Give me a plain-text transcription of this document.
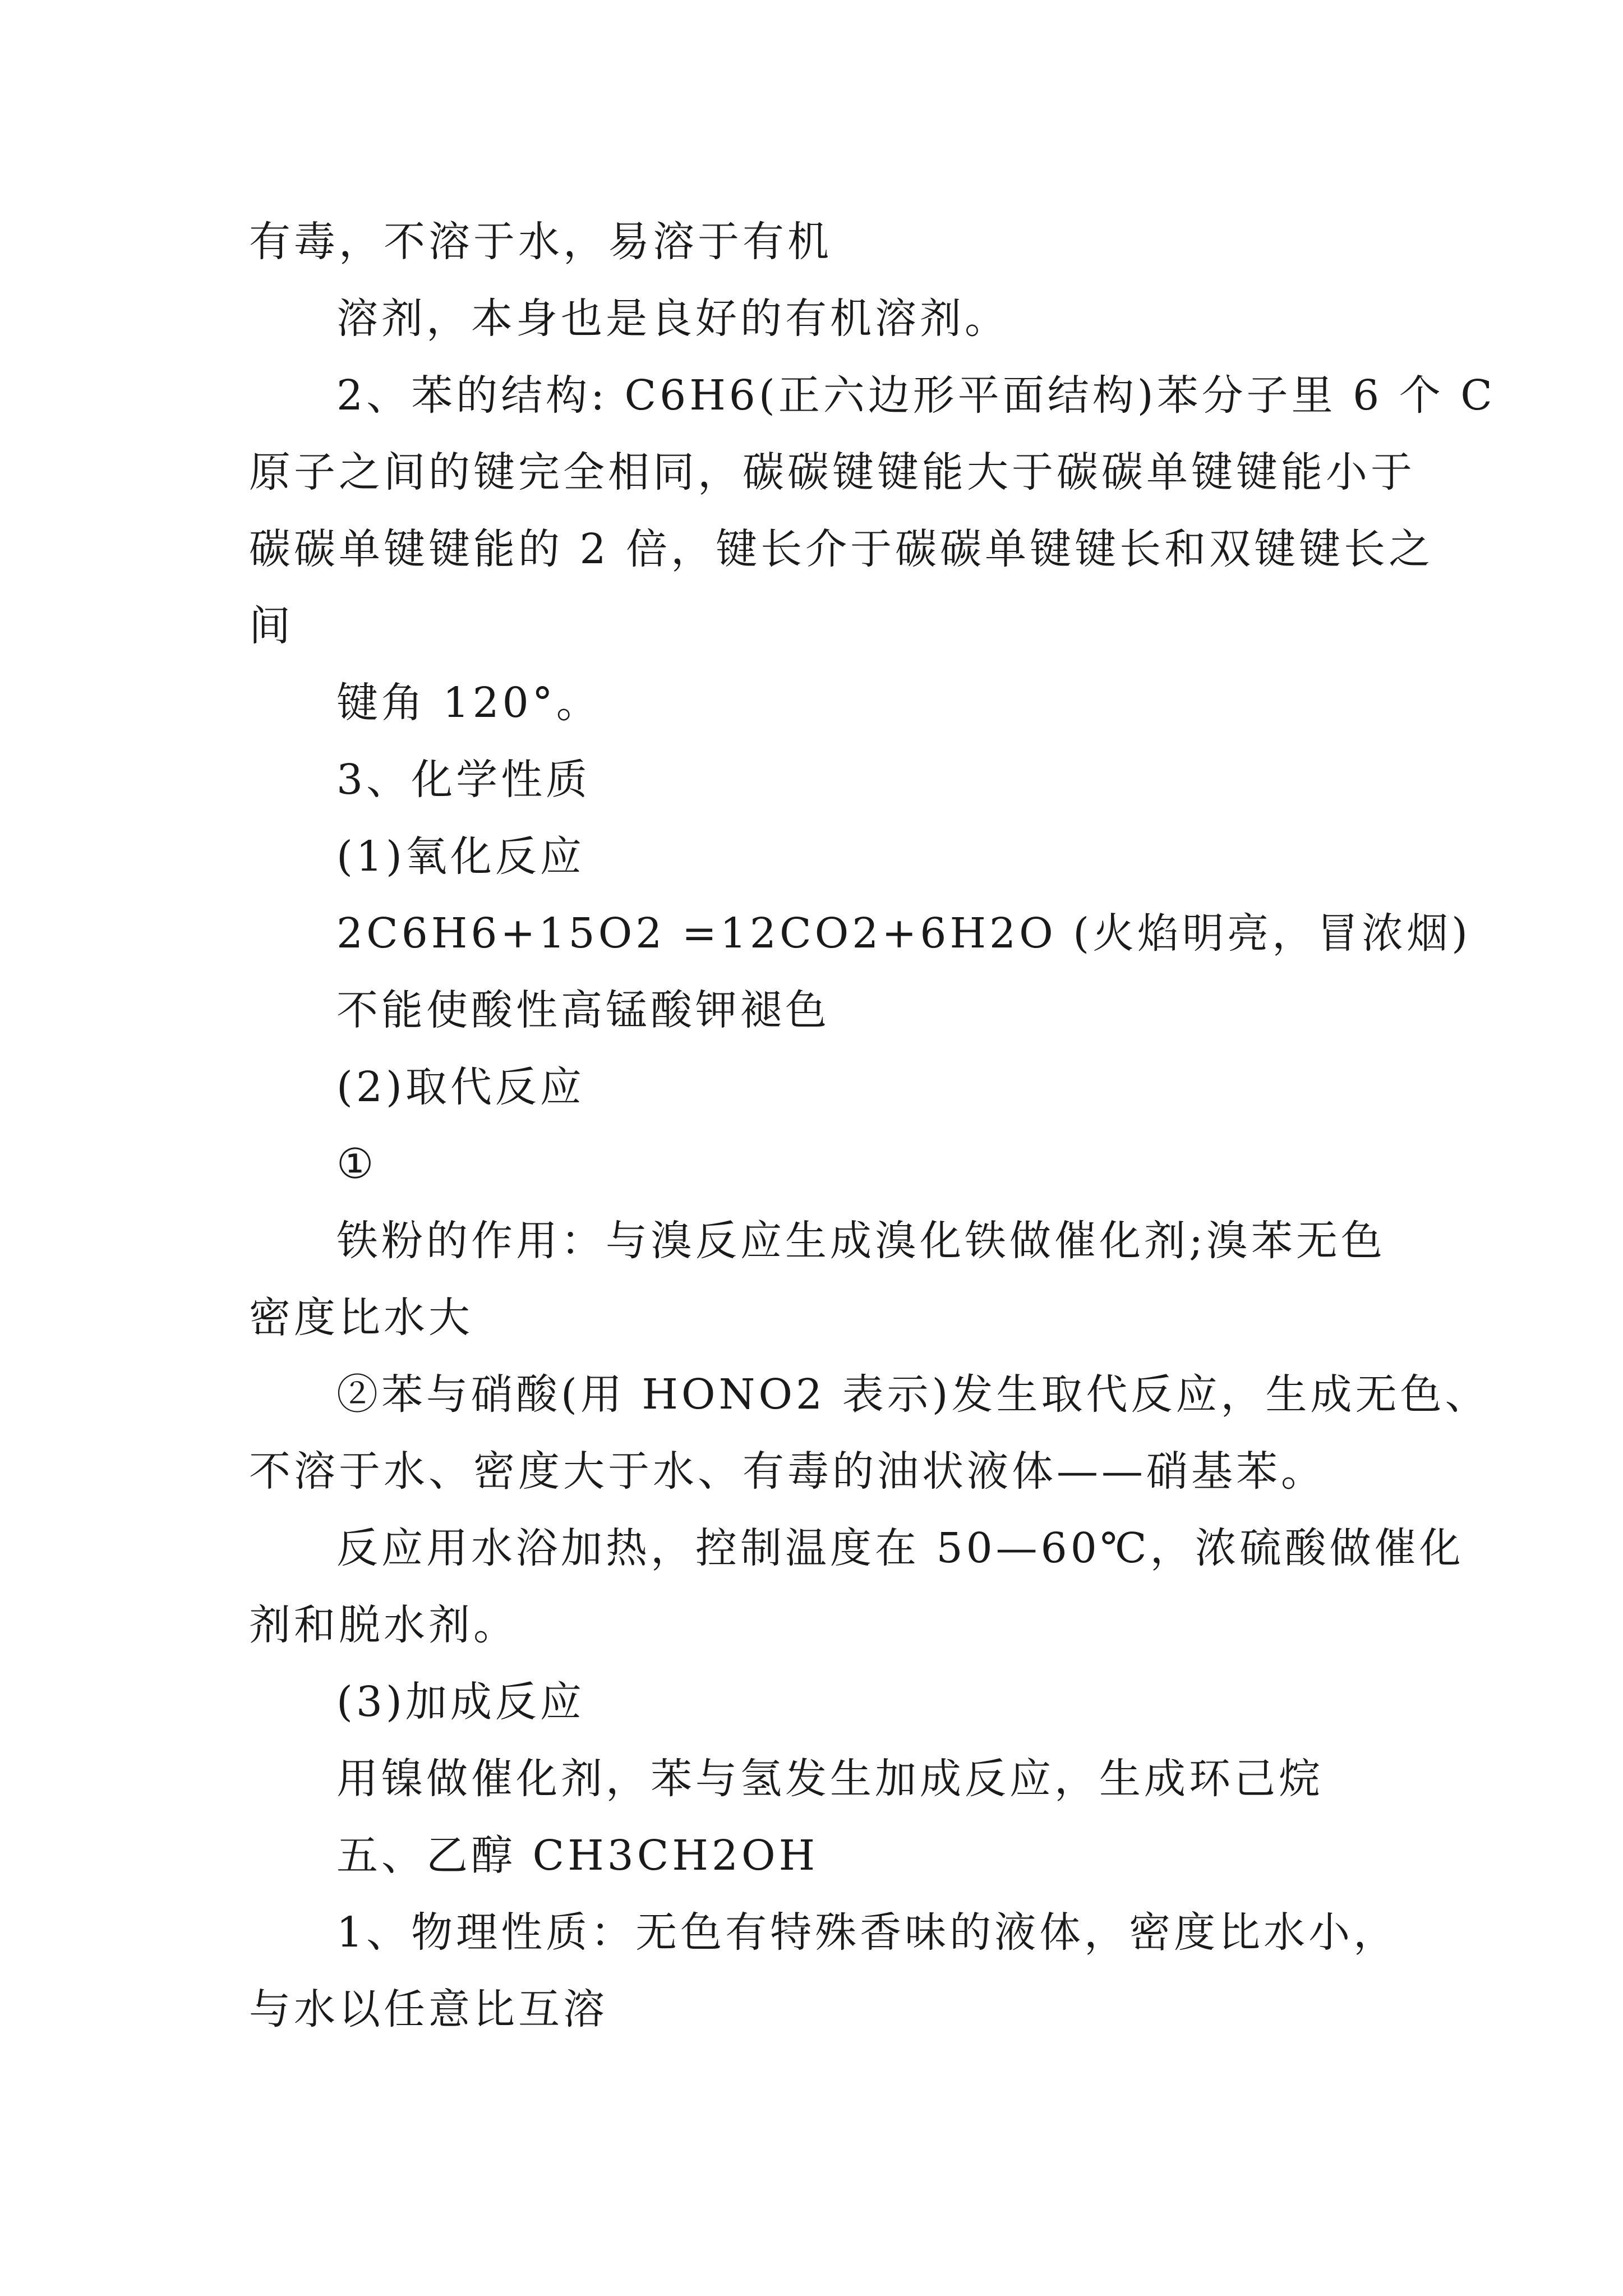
有毒，不溶于水，易溶于有机
溶剂，本身也是良好的有机溶剂。
2、苯的结构: C6H6(正六边形平面结构)苯分子里 6 个 C
原子之间的键完全相同，碳碳键键能大于碳碳单键键能小于
碳碳单键键能的 2 倍，键长介于碳碳单键键长和双键键长之
间
键角 120°。
3、化学性质
(1)氧化反应
2C6H6+15O2 =12CO2+6H2O (火焰明亮，冒浓烟)
不能使酸性高锰酸钾褪色
(2)取代反应
①
铁粉的作用：与溴反应生成溴化铁做催化剂;溴苯无色
密度比水大
②苯与硝酸(用 HONO2 表示)发生取代反应，生成无色、
不溶于水、密度大于水、有毒的油状液体——硝基苯。
反应用水浴加热，控制温度在 50—60℃，浓硫酸做催化
剂和脱水剂。
(3)加成反应
用镍做催化剂，苯与氢发生加成反应，生成环己烷
五、乙醇 CH3CH2OH
1、物理性质：无色有特殊香味的液体，密度比水小，
与水以任意比互溶
